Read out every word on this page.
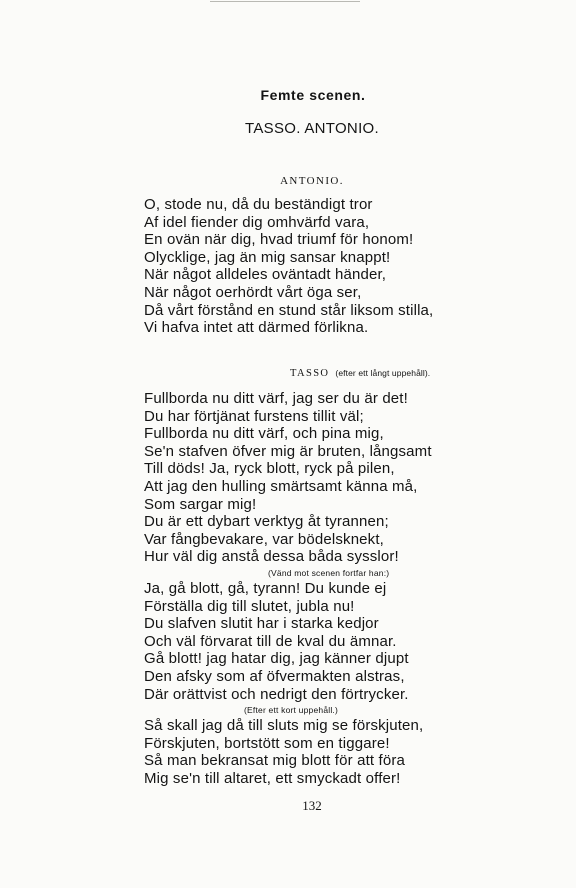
Femte scenen.
TASSO. ANTONIO.
ANTONIO.
O, stode nu, då du beständigt tror
Af idel fiender dig omhvärfd vara,
En ovän när dig, hvad triumf för honom!
Olycklige, jag än mig sansar knappt!
När något alldeles oväntadt händer,
När något oerhördt vårt öga ser,
Då vårt förstånd en stund står liksom stilla,
Vi hafva intet att därmed förlikna.
TASSO (efter ett långt uppehåll).
Fullborda nu ditt värf, jag ser du är det!
Du har förtjänat furstens tillit väl;
Fullborda nu ditt värf, och pina mig,
Se'n stafven öfver mig är bruten, långsamt
Till döds! Ja, ryck blott, ryck på pilen,
Att jag den hulling smärtsamt känna må,
Som sargar mig!
Du är ett dybart verktyg åt tyrannen;
Var fångbevakare, var bödelsknekt,
Hur väl dig anstå dessa båda sysslor!
(Vänd mot scenen fortfar han:)
Ja, gå blott, gå, tyrann! Du kunde ej
Förställa dig till slutet, jubla nu!
Du slafven slutit har i starka kedjor
Och väl förvarat till de kval du ämnar.
Gå blott! jag hatar dig, jag känner djupt
Den afsky som af öfvermakten alstras,
Där orättvist och nedrigt den förtrycker.
(Efter ett kort uppehåll.)
Så skall jag då till sluts mig se förskjuten,
Förskjuten, bortstött som en tiggare!
Så man bekransat mig blott för att föra
Mig se'n till altaret, ett smyckadt offer!
132
